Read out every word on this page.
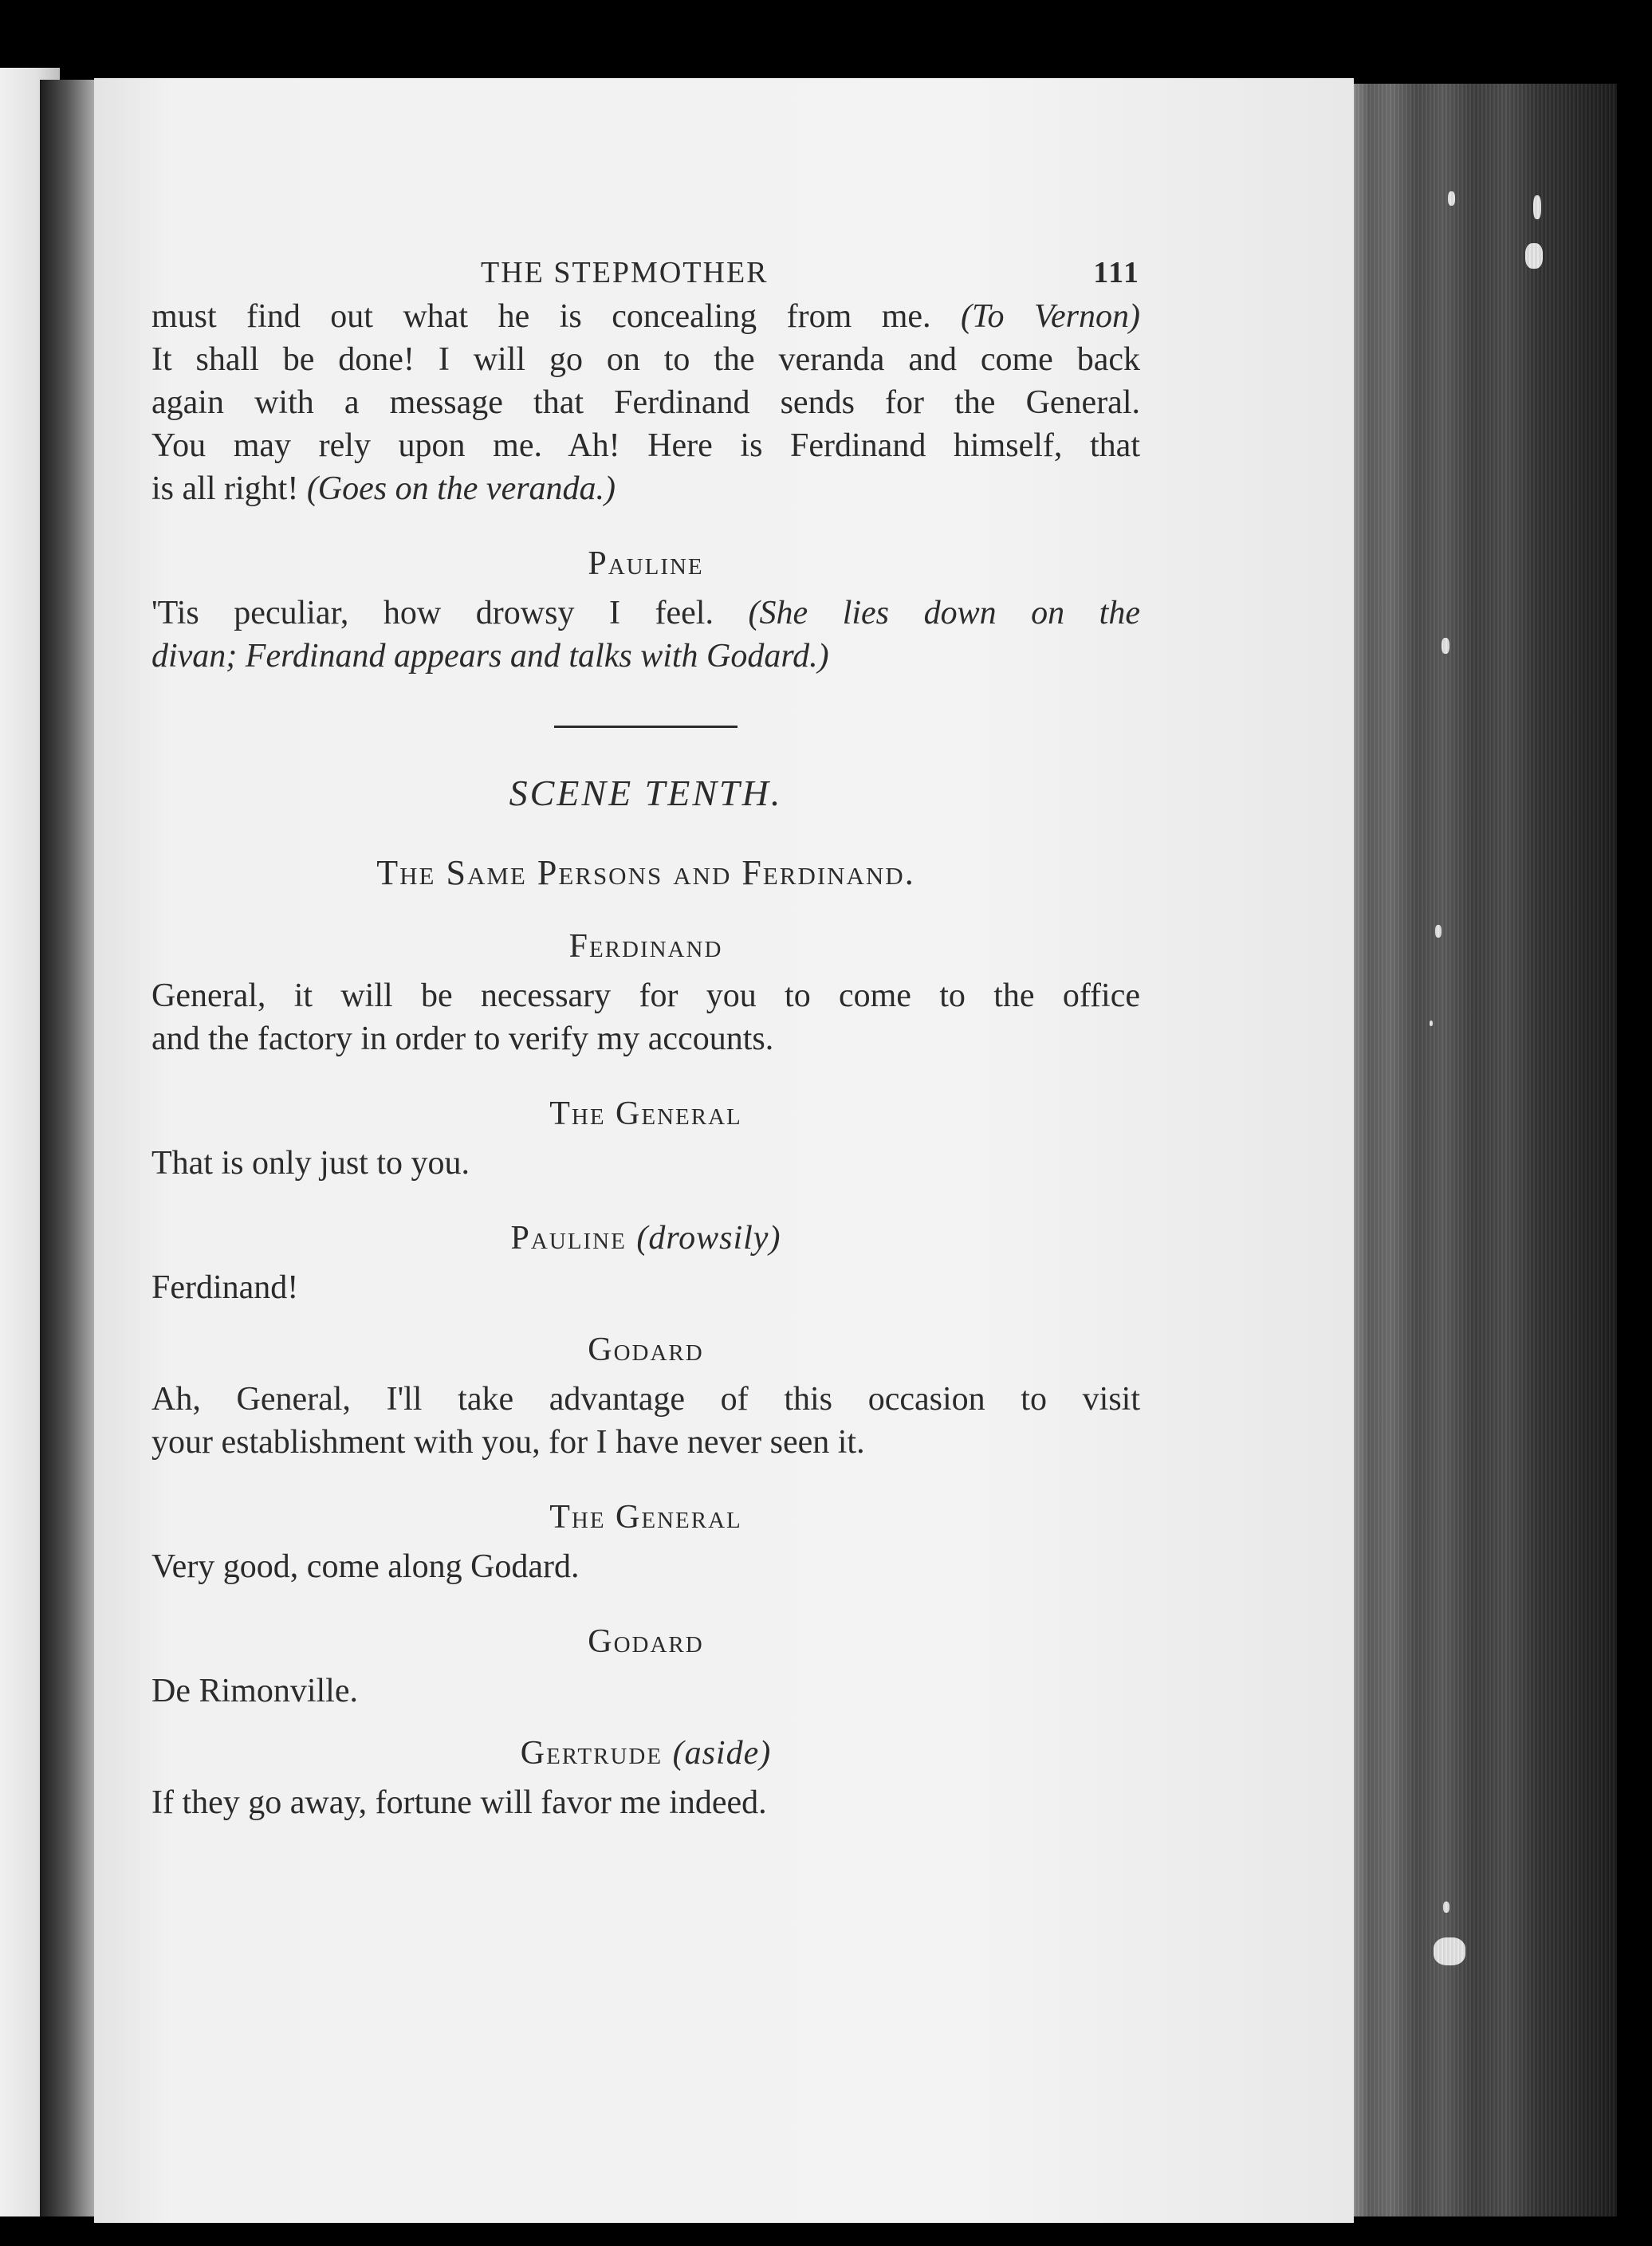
THE STEPMOTHER	111
must find out what he is concealing from me. (To Vernon)
It shall be done! I will go on to the veranda and come back
again with a message that Ferdinand sends for the General.
You may rely upon me. Ah! Here is Ferdinand himself, that
is all right! (Goes on the veranda.)
Pauline
'Tis peculiar, how drowsy I feel. (She lies down on the
divan; Ferdinand appears and talks with Godard.)
SCENE TENTH.
The Same Persons and Ferdinand.
Ferdinand
General, it will be necessary for you to come to the office
and the factory in order to verify my accounts.
The General
That is only just to you.
Pauline (drowsily)
Ferdinand!
Godard
Ah, General, I'll take advantage of this occasion to visit
your establishment with you, for I have never seen it.
The General
Very good, come along Godard.
Godard
De Rimonville.
Gertrude (aside)
If they go away, fortune will favor me indeed.
